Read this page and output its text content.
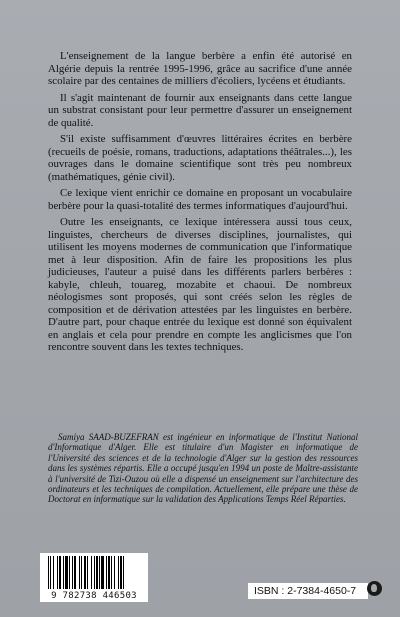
L'enseignement de la langue berbère a enfin été autorisé en Algérie depuis la rentrée 1995-1996, grâce au sacrifice d'une année scolaire par des centaines de milliers d'écoliers, lycéens et étudiants.

Il s'agit maintenant de fournir aux enseignants dans cette langue un substrat consistant pour leur permettre d'assurer un enseignement de qualité.

S'il existe suffisamment d'œuvres littéraires écrites en berbère (recueils de poésie, romans, traductions, adaptations théâtrales...), les ouvrages dans le domaine scientifique sont très peu nombreux (mathématiques, génie civil).

Ce lexique vient enrichir ce domaine en proposant un vocabulaire berbère pour la quasi-totalité des termes informatiques d'aujourd'hui.

Outre les enseignants, ce lexique intéressera aussi tous ceux, linguistes, chercheurs de diverses disciplines, journalistes, qui utilisent les moyens modernes de communication que l'informatique met à leur disposition. Afin de faire les propositions les plus judicieuses, l'auteur a puisé dans les différents parlers berbères : kabyle, chleuh, touareg, mozabite et chaoui. De nombreux néologismes sont proposés, qui sont créés selon les règles de composition et de dérivation attestées par les linguistes en berbère. D'autre part, pour chaque entrée du lexique est donné son équivalent en anglais et cela pour prendre en compte les anglicismes que l'on rencontre souvent dans les textes techniques.

Samiya SAAD-BUZEFRAN est ingénieur en informatique de l'Institut National d'Informatique d'Alger. Elle est titulaire d'un Magister en informatique de l'Université des sciences et de la technologie d'Alger sur la gestion des ressources dans les systèmes répartis. Elle a occupé jusqu'en 1994 un poste de Maître-assistante à l'université de Tizi-Ouzou où elle a dispensé un enseignement sur l'architecture des ordinateurs et les techniques de compilation. Actuellement, elle prépare une thèse de Doctorat en informatique sur la validation des Applications Temps Réel Réparties.

9 782738 446503	ISBN : 2-7384-4650-7
